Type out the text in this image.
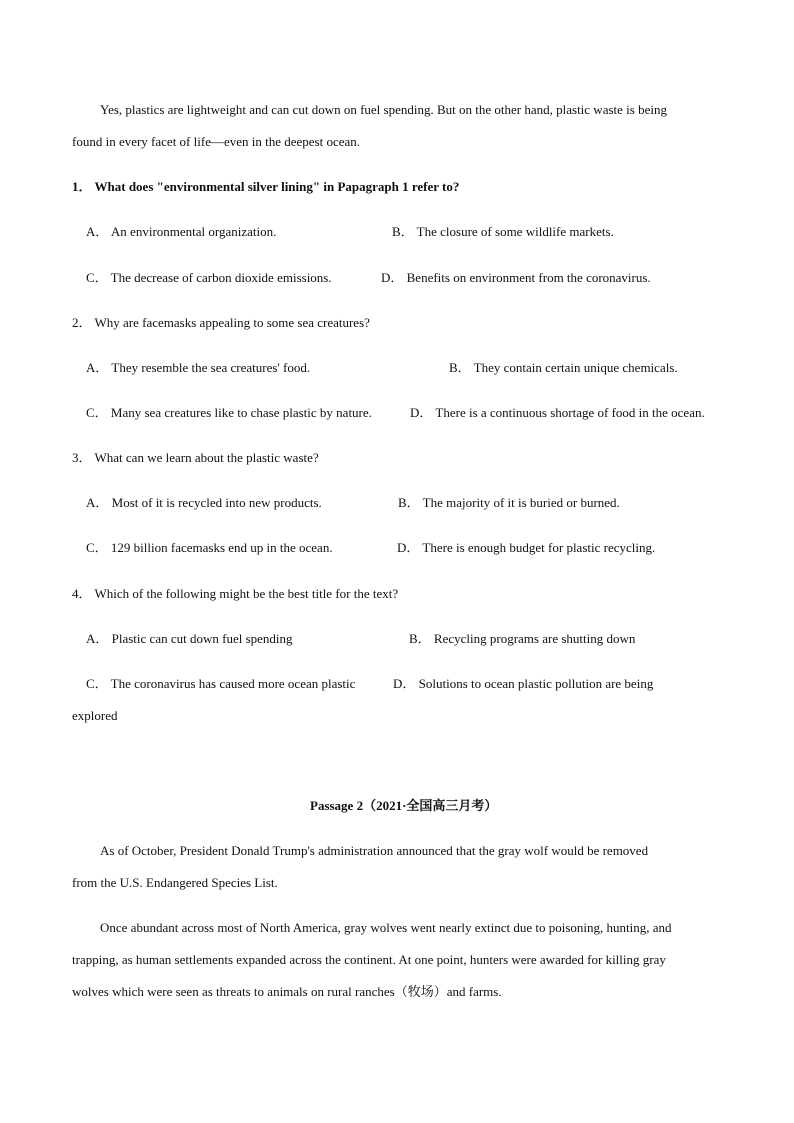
Yes, plastics are lightweight and can cut down on fuel spending. But on the other hand, plastic waste is being
found in every facet of life—even in the deepest ocean.
1． What does "environmental silver lining" in Papagraph 1 refer to?
A． An environmental organization.	B． The closure of some wildlife markets.
C． The decrease of carbon dioxide emissions.	D． Benefits on environment from the coronavirus.
2． Why are facemasks appealing to some sea creatures?
A． They resemble the sea creatures' food.	B． They contain certain unique chemicals.
C． Many sea creatures like to chase plastic by nature.	D． There is a continuous shortage of food in the ocean.
3． What can we learn about the plastic waste?
A． Most of it is recycled into new products.	B． The majority of it is buried or burned.
C． 129 billion facemasks end up in the ocean.	D． There is enough budget for plastic recycling.
4． Which of the following might be the best title for the text?
A． Plastic can cut down fuel spending	B． Recycling programs are shutting down
C． The coronavirus has caused more ocean plastic	D． Solutions to ocean plastic pollution are being
explored
Passage 2（2021·全国高三月考）
As of October, President Donald Trump's administration announced that the gray wolf would be removed
from the U.S. Endangered Species List.
Once abundant across most of North America, gray wolves went nearly extinct due to poisoning, hunting, and
trapping, as human settlements expanded across the continent. At one point, hunters were awarded for killing gray
wolves which were seen as threats to animals on rural ranches（牧场）and farms.
